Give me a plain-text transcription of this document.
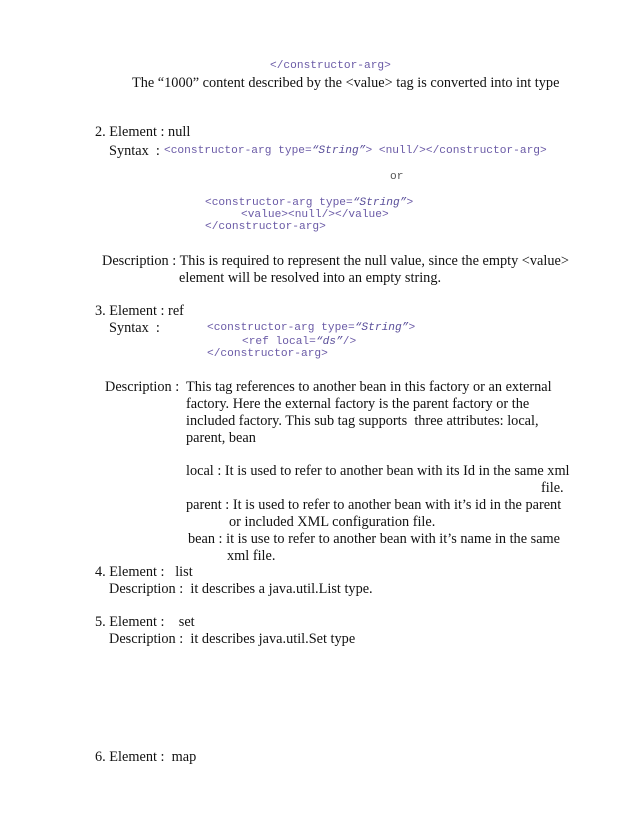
</constructor-arg>
The “1000” content described by the <value> tag is converted into int type
2. Element : null
Syntax  : <constructor-arg type=“String”> <null/></constructor-arg>
or
<constructor-arg type=“String”>
<value><null/></value>
</constructor-arg>
Description : This is required to represent the null value, since the empty <value>
element will be resolved into an empty string.
3. Element : ref
Syntax  :	<constructor-arg type=“String”>
<ref local=“ds”/>
</constructor-arg>
Description : This tag references to another bean in this factory or an external
factory. Here the external factory is the parent factory or the
included factory. This sub tag supports  three attributes: local,
parent, bean
local : It is used to refer to another bean with its Id in the same xml
file.
parent : It is used to refer to another bean with it’s id in the parent
or included XML configuration file.
bean : it is use to refer to another bean with it’s name in the same
xml file.
4. Element :   list
Description :  it describes a java.util.List type.
5. Element :    set
Description :  it describes java.util.Set type
6. Element :  map
